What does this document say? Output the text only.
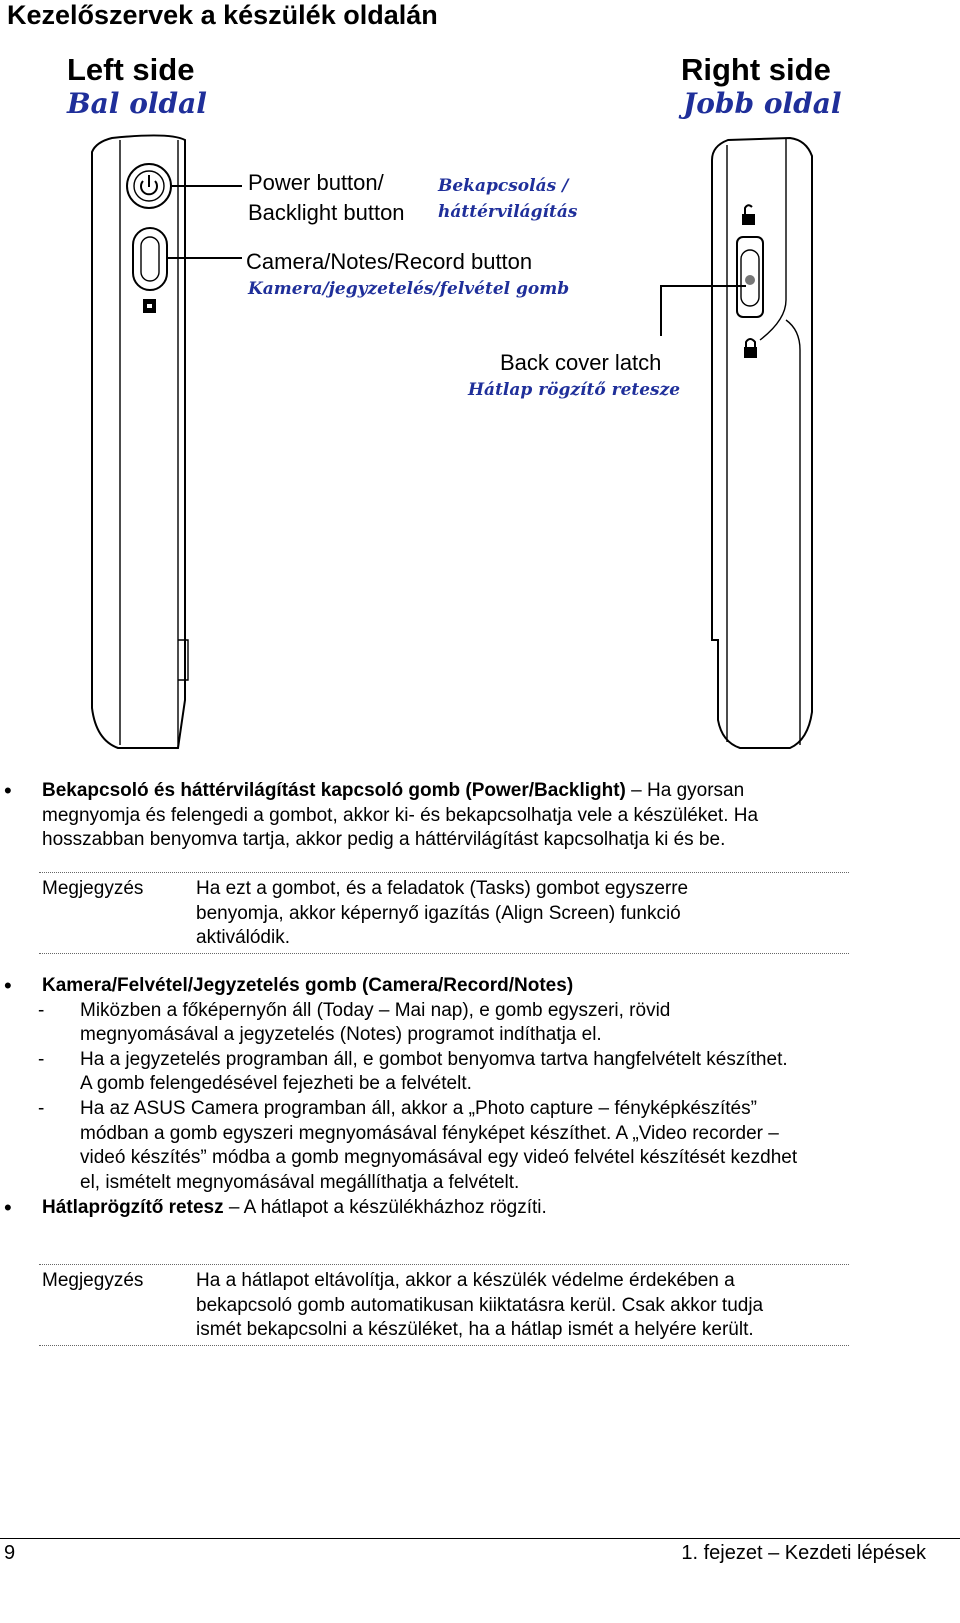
Kezelőszervek a készülék oldalán
Left side
Bal oldal
Right side
Jobb oldal
Power button/
Backlight button
Bekapcsolás /
háttérvilágítás
Camera/Notes/Record button
Kamera/jegyzetelés/felvétel gomb
Back cover latch
Hátlap rögzítő retesze
• Bekapcsoló és háttérvilágítást kapcsoló gomb (Power/Backlight) – Ha gyorsan
megnyomja és felengedi a gombot, akkor ki- és bekapcsolhatja vele a készüléket. Ha
hosszabban benyomva tartja, akkor pedig a háttérvilágítást kapcsolhatja ki és be.
Megjegyzés	Ha ezt a gombot, és a feladatok (Tasks) gombot egyszerre
benyomja, akkor képernyő igazítás (Align Screen) funkció
aktiválódik.
• Kamera/Felvétel/Jegyzetelés gomb (Camera/Record/Notes)
- Miközben a főképernyőn áll (Today – Mai nap), e gomb egyszeri, rövid
megnyomásával a jegyzetelés (Notes) programot indíthatja el.
- Ha a jegyzetelés programban áll, e gombot benyomva tartva hangfelvételt készíthet.
A gomb felengedésével fejezheti be a felvételt.
- Ha az ASUS Camera programban áll, akkor a „Photo capture – fényképkészítés”
módban a gomb egyszeri megnyomásával fényképet készíthet. A „Video recorder –
videó készítés” módba a gomb megnyomásával egy videó felvétel készítését kezdhet
el, ismételt megnyomásával megállíthatja a felvételt.
• Hátlaprögzítő retesz – A hátlapot a készülékházhoz rögzíti.
Megjegyzés	Ha a hátlapot eltávolítja, akkor a készülék védelme érdekében a
bekapcsoló gomb automatikusan kiiktatásra kerül. Csak akkor tudja
ismét bekapcsolni a készüléket, ha a hátlap ismét a helyére került.
9	1. fejezet – Kezdeti lépések
